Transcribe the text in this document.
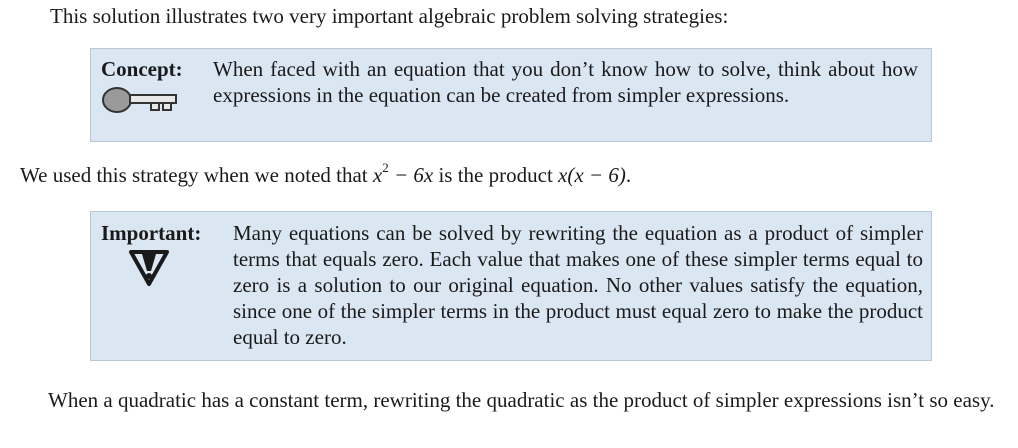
This solution illustrates two very important algebraic problem solving strategies:

Concept: When faced with an equation that you don’t know how to solve, think about how expressions in the equation can be created from simpler expressions.

We used this strategy when we noted that $x^2 - 6x$ is the product x(x − 6).

Important: Many equations can be solved by rewriting the equation as a product of simpler terms that equals zero. Each value that makes one of these simpler terms equal to zero is a solution to our original equation. No other values satisfy the equation, since one of the simpler terms in the product must equal zero to make the product equal to zero.

When a quadratic has a constant term, rewriting the quadratic as the product of simpler expressions isn’t so easy.
